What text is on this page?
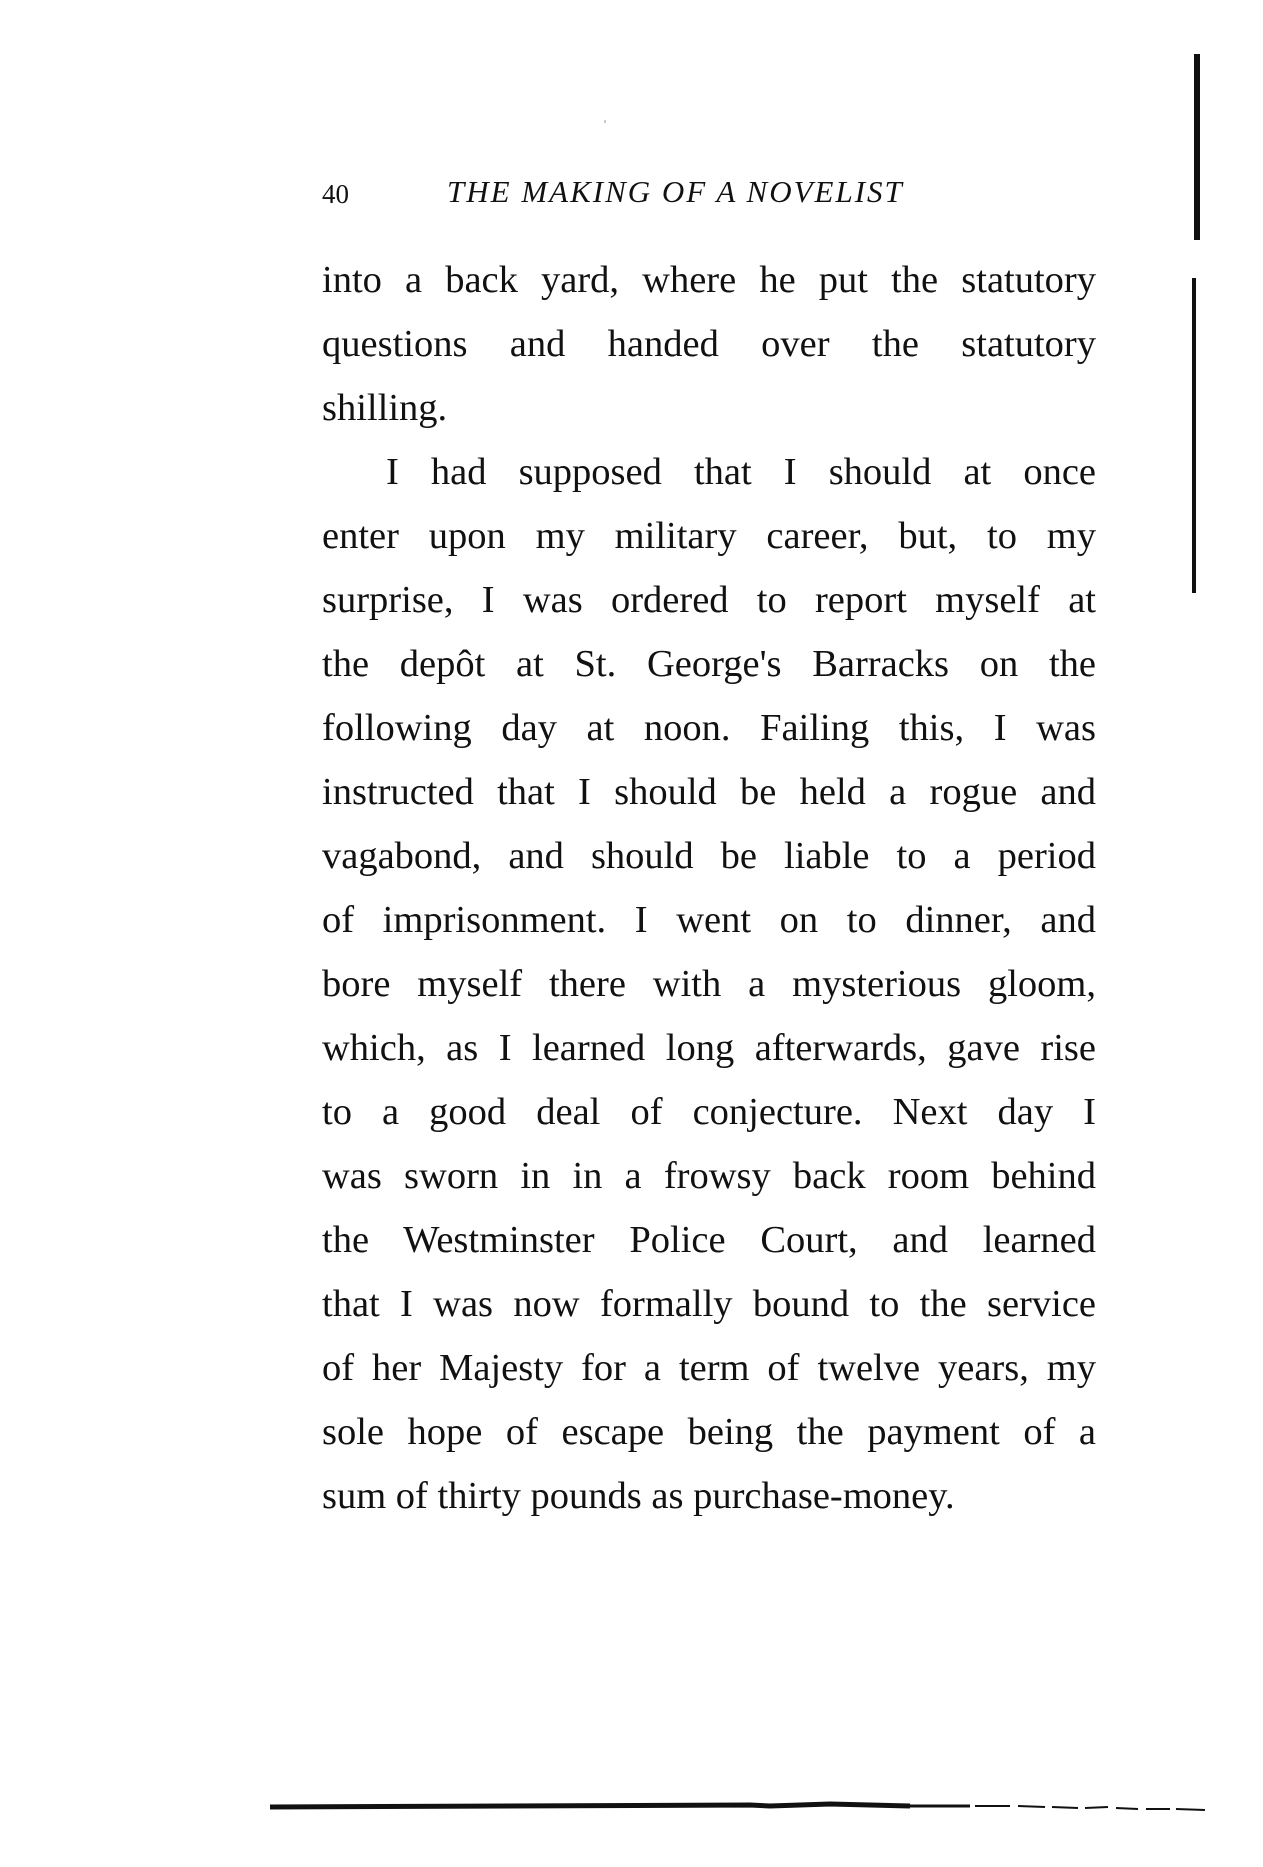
40	THE MAKING OF A NOVELIST
into a back yard, where he put the statutory
questions and handed over the statutory
shilling.
I had supposed that I should at once
enter upon my military career, but, to my
surprise, I was ordered to report myself at
the depôt at St. George's Barracks on the
following day at noon. Failing this, I was
instructed that I should be held a rogue and
vagabond, and should be liable to a period
of imprisonment. I went on to dinner, and
bore myself there with a mysterious gloom,
which, as I learned long afterwards, gave rise
to a good deal of conjecture. Next day I
was sworn in in a frowsy back room behind
the Westminster Police Court, and learned
that I was now formally bound to the service
of her Majesty for a term of twelve years, my
sole hope of escape being the payment of a
sum of thirty pounds as purchase-money.
